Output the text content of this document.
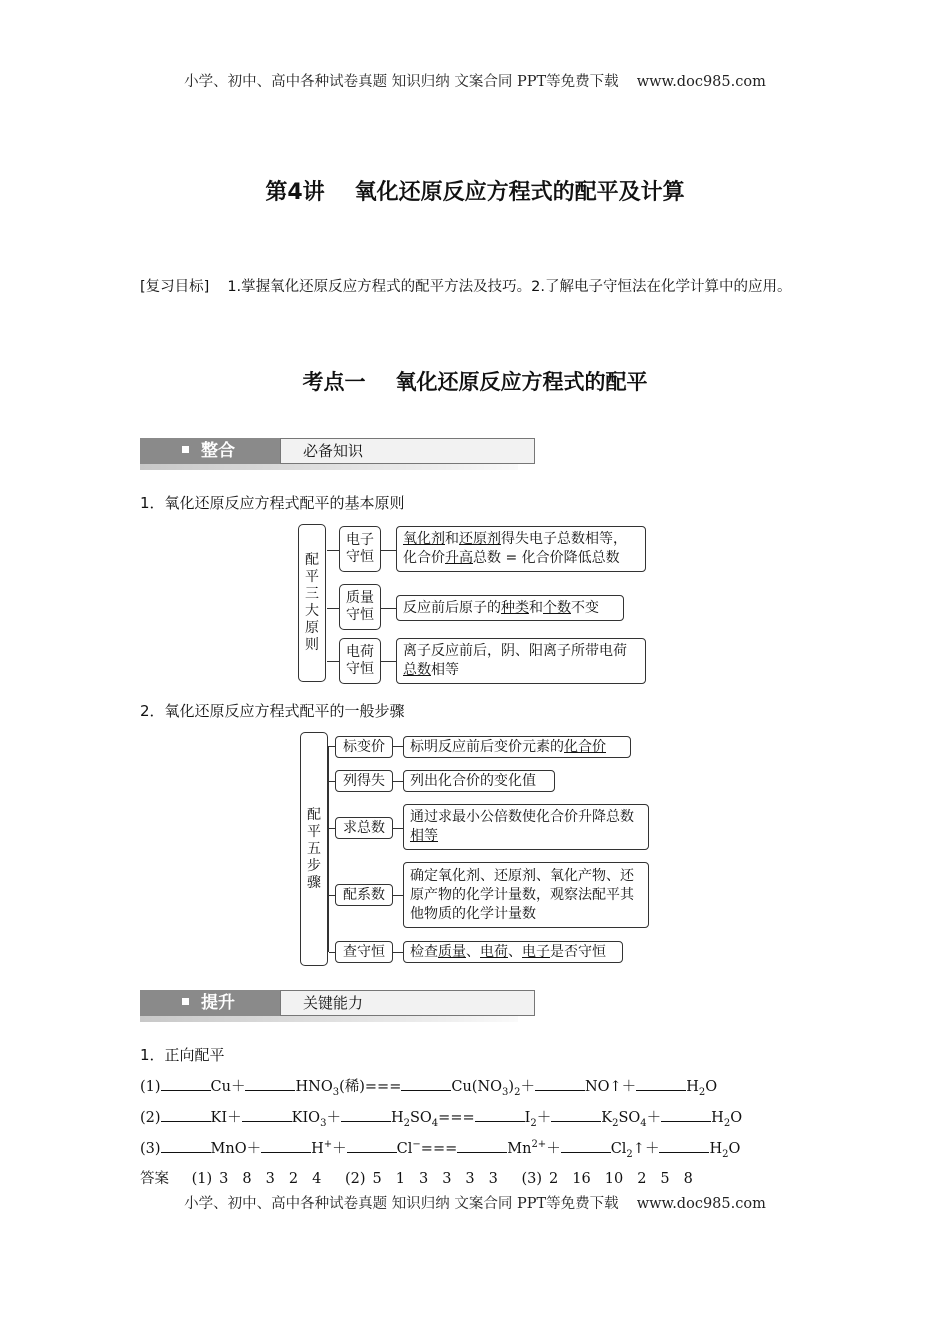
小学、初中、高中各种试卷真题 知识归纳 文案合同 PPT等免费下载 www.doc985.com
第4讲 氧化还原反应方程式的配平及计算
[复习目标] 1.掌握氧化还原反应方程式的配平方法及技巧。2.了解电子守恒法在化学计算中的应用。
考点一 氧化还原反应方程式的配平
整合	必备知识
1．氧化还原反应方程式配平的基本原则
配平三大原则
电子守恒
氧化剂和还原剂得失电子总数相等，化合价升高总数 = 化合价降低总数
质量守恒	反应前后原子的种类和个数不变
电荷守恒
离子反应前后，阴、阳离子所带电荷总数相等
2．氧化还原反应方程式配平的一般步骤
配平五步骤
标变价	标明反应前后变价元素的化合价
列得失	列出化合价的变化值
求总数
通过求最小公倍数使化合价升降总数相等
配系数
确定氧化剂、还原剂、氧化产物、还原产物的化学计量数，观察法配平其他物质的化学计量数
查守恒	检查质量、电荷、电子是否守恒
提升	关键能力
1．正向配平
(1)	Cu＋	$HNO_3$(稀)===	$Cu(NO_3)_2+$	NO↑＋	$H_2O$
(2)	KI＋	$KIO_3+$	$H_2SO_4===$	$I_2+$	$K_2SO_4+$	$H_2O$
(3)	MnO＋	H+＋	Cl−===	$Mn^{2+}+$	$Cl_2↑+$	$H_2O$
答案 (1) 3 8 3 2 4 (2) 5 1 3 3 3 3 (3) 2 16 10 2 5 8
小学、初中、高中各种试卷真题 知识归纳 文案合同 PPT等免费下载 www.doc985.com
